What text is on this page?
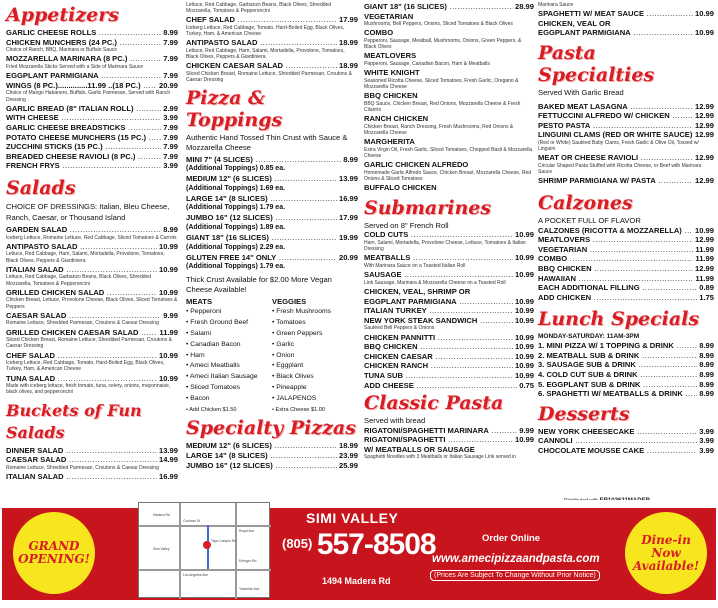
Appetizers
GARLIC CHEESE ROLLS .....	8.99
CHICKEN MUNCHERS (24 PC.) .....	7.99
Choice of Ranch, BBQ, Marinara or Buffalo Sauce
MOZZARELLA MARINARA (8 PC.) .....	7.99
Fried Mozzarella Sticks Served with a Side of Marinara Sauce
EGGPLANT PARMIGIANA .....	7.99
WINGS (8 PC.)..............11.99 ..(18 PC.) .....	20.99
Choice of Mango Habanero, Buffalo, Garlic Parmesan, Served with Ranch Dressing
GARLIC BREAD (8" ITALIAN ROLL) .....	2.99
WITH CHEESE .....	3.99
GARLIC CHEESE BREADSTICKS .....	7.99
POTATO CHEESE MUNCHERS (15 PC.) .....	7.99
ZUCCHINI STICKS (15 PC.) .....	7.99
BREADED CHEESE RAVIOLI (8 PC.) .....	7.99
FRENCH FRYS .....	3.99
Salads
CHOICE OF DRESSINGS: Italian, Bleu Cheese, Ranch, Caesar, or Thousand Island
GARDEN SALAD .....	8.99
Iceberg Lettuce, Romaine Lettuce, Red Cabbage, Sliced Tomatoes & Carrots
ANTIPASTO SALAD .....	10.99
Lettuce, Red Cabbage, Ham, Salami, Mortadella, Provolone, Tomatoes, Black Olives, Peppers & Giardiniera
ITALIAN SALAD .....	10.99
Lettuce, Red Cabbage, Garbanzo Beans, Black Olives, Shredded Mozzarella, Tomatoes & Pepperoncini
GRILLED CHICKEN SALAD .....	10.99
Chicken Breast, Lettuce, Provolone Cheese, Black Olives, Sliced Tomatoes & Peppers
CAESAR SALAD .....	9.99
Romaine Lettuce, Shredded Parmesan, Croutons & Caesar Dressing
GRILLED CHICKEN CAESAR SALAD .....	11.99
Sliced Chicken Breast, Romaine Lettuce, Shredded Parmesan, Croutons & Caesar Dressing
CHEF SALAD .....	10.99
Iceberg Lettuce, Red Cabbage, Tomato, Hard-Boiled Egg, Black Olives, Turkey, Ham, & American Cheese
TUNA SALAD .....	10.99
Made with iceberg lettuce, fresh tomato, tuna, celery, onions, mayonnaise, black olives, and pepperoncini
Buckets of Fun Salads
DINNER SALAD .....	13.99
CAESAR SALAD .....	14.99
Romaine Lettuce, Shredded Parmesan, Croutons & Caesar Dressing
ITALIAN SALAD .....	16.99
Lettuce, Red Cabbage, Garbanzo Beans, Black Olives, Shredded Mozzarella, Tomatoes & Pepperoncini
CHEF SALAD .....	17.99
Iceberg Lettuce, Red Cabbage, Tomato, Hard-Boiled Egg, Black Olives, Turkey, Ham, & American Cheese
ANTIPASTO SALAD .....	18.99
Lettuce, Red Cabbage, Ham, Salami, Mortadella, Provolone, Tomatoes, Black Olives, Peppers & Giardiniera
CHICKEN CAESAR SALAD .....	18.99
Sliced Chicken Breast, Romaine Lettuce, Shredded Parmesan, Croutons & Caesar Dressing
Pizza & Toppings
Authentic Hand Tossed Thin Crust with Sauce & Mozzarella Cheese
MINI 7" (4 SLICES) .....	8.99
(Additional Toppings) 0.85 ea.
MEDIUM 12" (6 SLICES) .....	13.99
(Additional Toppings) 1.69 ea.
LARGE 14" (8 SLICES) .....	16.99
(Additional Toppings) 1.79 ea.
JUMBO 16" (12 SLICES) .....	17.99
(Additional Toppings) 1.89 ea.
GIANT 18" (16 SLICES) .....	19.99
(Additional Toppings) 2.29 ea.
GLUTEN FREE 14" ONLY .....	20.99
(Additional Toppings) 1.79 ea.
Thick Crust Available for $2.00 More Vegan Cheese Available!
MEATS
• Pepperoni
• Fresh Ground Beef
• Salami
• Canadian Bacon
• Ham
• Ameci Meatballs
• Ameci Italian Sausage
• Sliced Tomatoes
• Bacon
• Add Chicken $1.50
VEGGIES
• Fresh Mushrooms
• Tomatoes
• Green Peppers
• Garlic
• Onion
• Eggplant
• Black Olives
• Pineapple
• JALAPENOS
• Extra Cheese $1.00
Specialty Pizzas
MEDIUM 12" (6 SLICES) .....	18.99
LARGE 14" (8 SLICES) .....	23.99
JUMBO 16" (12 SLICES) .....	25.99
GIANT 18" (16 SLICES) .....	28.99
VEGETARIAN
Mushrooms, Bell Peppers, Onions, Sliced Tomatoes & Black Olives
COMBO
Pepperoni, Sausage, Meatball, Mushrooms, Onions, Green Peppers, & Black Olives
MEATLOVERS
Pepperoni, Sausage, Canadian Bacon, Ham & Meatballs
WHITE KNIGHT
Seasoned Ricotta Cheese, Sliced Tomatoes, Fresh Garlic, Oregano & Mozzarella Cheese
BBQ CHICKEN
BBQ Sauce, Chicken Breast, Red Onions, Mozzarella Cheese & Fresh Cilantro
RANCH CHICKEN
Chicken Breast, Ranch Dressing, Fresh Mushrooms, Red Onions & Mozzarella Cheese
MARGHERITA
Extra Virgin Oil, Fresh Garlic, Sliced Tomatoes, Chopped Basil & Mozzarella Cheese
GARLIC CHICKEN ALFREDO
Homemade Garlic Alfredo Sauce, Chicken Breast, Mozzarella Cheese, Red Onions & Sliced Tomatoes
BUFFALO CHICKEN
Submarines
Served on 8" French Roll
COLD CUTS .....	10.99
Ham, Salami, Mortadella, Provolone Cheese, Lettuce, Tomatoes & Italian Dressing
MEATBALLS .....	10.99
With Marinara Sauce on a Toasted Italian Roll
SAUSAGE .....	10.99
Link Sausage, Marinara & Mozzarella Cheese on a Toasted Roll
CHICKEN, VEAL, SHRIMP OR
EGGPLANT PARMIGIANA .....	10.99
ITALIAN TURKEY .....	10.99
NEW YORK STEAK SANDWICH .....	10.99
Sautéed Bell Peppers & Onions
CHICKEN PANNITTI .....	10.99
BBQ CHICKEN .....	10.99
CHICKEN CAESAR .....	10.99
CHICKEN RANCH .....	10.99
TUNA SUB .....	10.99
ADD CHEESE .....	0.75
Classic Pasta
Served with bread
RIGATONI/SPAGHETTI MARINARA .....	9.99
RIGATONI/SPAGHETTI .....	10.99
W/ MEATBALLS OR SAUSAGE
Spaghetti Noodles with 3 Meatballs or Italian Sausage Link served in
Marinara Sauce
SPAGHETTI W/ MEAT SAUCE .....	10.99
CHICKEN, VEAL OR
EGGPLANT PARMIGIANA .....	10.99
Pasta Specialties
Served With Garlic Bread
BAKED MEAT LASAGNA .....	12.99
FETTUCCINI ALFREDO W/ CHICKEN .....	12.99
PESTO PASTA .....	12.99
LINGUINI CLAMS (RED OR WHITE SAUCE) ..... 12.99
(Red or White) Sautéed Baby Clams, Fresh Garlic & Olive Oil, Tossed w/ Linguini
MEAT OR CHEESE RAVIOLI .....	12.99
Circular Shaped Pasta Stuffed with Ricotta Cheese, or Beef with Marinara Sauce
SHRIMP PARMIGIANA W/ PASTA .....	12.99
Calzones
A POCKET FULL OF FLAVOR
CALZONES (RICOTTA & MOZZARELLA) .....	10.99
MEATLOVERS .....	12.99
VEGETARIAN .....	11.99
COMBO .....	11.99
BBQ CHICKEN .....	12.99
HAWAIIAN .....	11.99
EACH ADDITIONAL FILLING .....	0.89
ADD CHICKEN .....	1.75
Lunch Specials
MONDAY-SATURDAY: 11AM-3PM
1. MINI PIZZA W/ 1 TOPPING & DRINK .....	8.99
2. MEATBALL SUB & DRINK .....	8.99
3. SAUSAGE SUB & DRINK .....	8.99
4. COLD CUT SUB & DRINK .....	8.99
5. EGGPLANT SUB & DRINK .....	8.99
6. SPAGHETTI W/ MEATBALLS & DRINK .....	8.99
Desserts
NEW YORK CHEESECAKE .....	3.99
CANNOLI .....	3.99
CHOCOLATE MOUSSE CAKE .....	3.99
GRAND OPENING!
Madera Rd
Simi Valley
Cochran St
Tapo Canyon Rd
Los Angeles Ave
Royal Ave
Erringer Rd
Yosemite Ave
SIMI VALLEY
$^{(805)}$ 557-8508
1494 Madera Rd
Order Online
www.amecipizzaandpasta.com
(Prices Are Subject To Change Without Prior Notice)
Dine-in Now Available!
